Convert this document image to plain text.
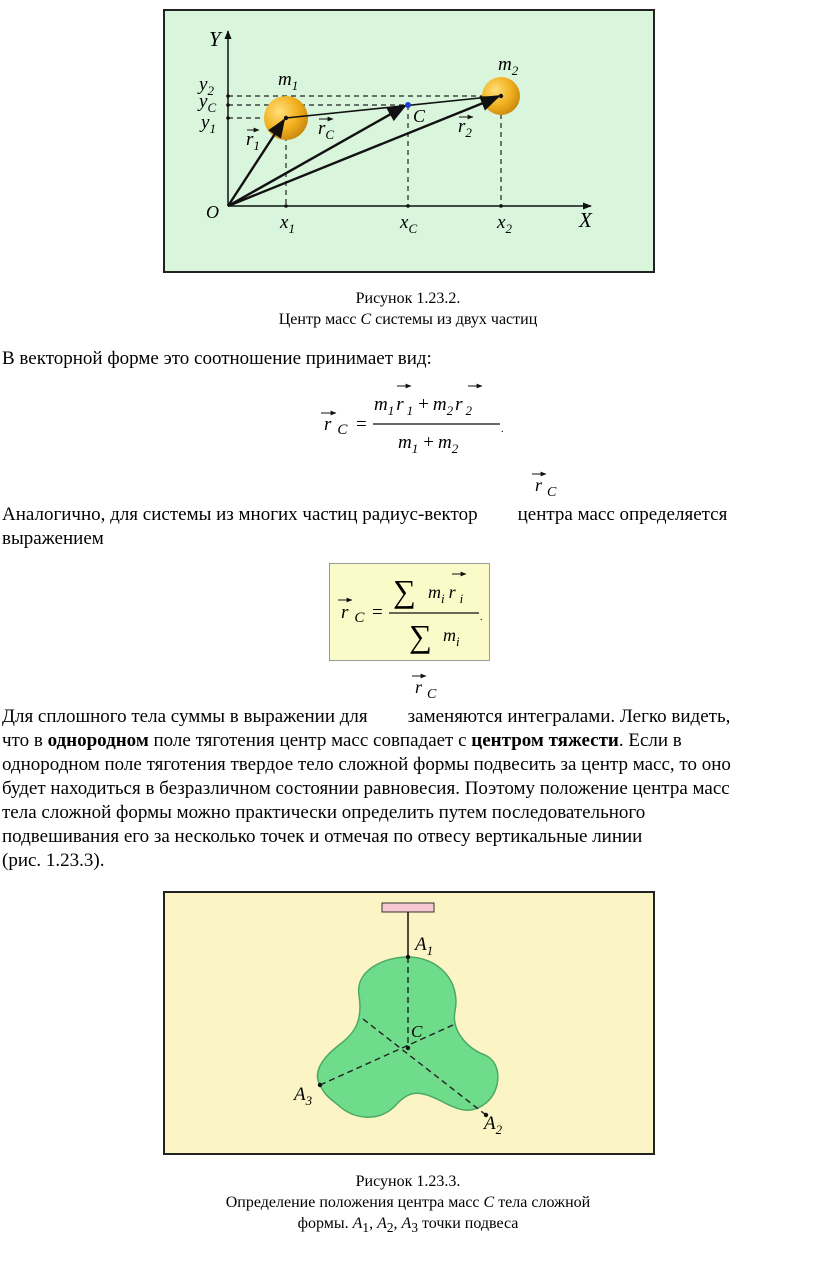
Y
X
O
$y_2$
$y_C$
$y_1$
$m_1$
$m_2$
C
$r_1$
$r_C$	$r_2$
$x_1$	$x_C$	$x_2$
Рисунок 1.23.2.
Центр масс C системы из двух частиц
В векторной форме это соотношение принимает вид:
r $_C$ =
$m_1$ r $_1 + m_2$ r $_2$
$m_1 + m_2$
.
r $_C$
Аналогично, для системы из многих частиц радиус-вектор центра масс определяется
выражением
r $_C$ =
∑ $m_i$ r $_i$
∑ $m_i$
.
r $_C$
Для сплошного тела суммы в выражении для заменяются интегралами. Легко видеть,
что в однородном поле тяготения центр масс совпадает с центром тяжести. Если в
однородном поле тяготения твердое тело сложной формы подвесить за центр масс, то оно
будет находиться в безразличном состоянии равновесия. Поэтому положение центра масс
тела сложной формы можно практически определить путем последовательного
подвешивания его за несколько точек и отмечая по отвесу вертикальные линии
(рис. 1.23.3).
$A_1$
$A_3$
$A_2$
C
Рисунок 1.23.3.
Определение положения центра масс C тела сложной
формы. $A_1$, $A_2$, $A_3$ точки подвеса
